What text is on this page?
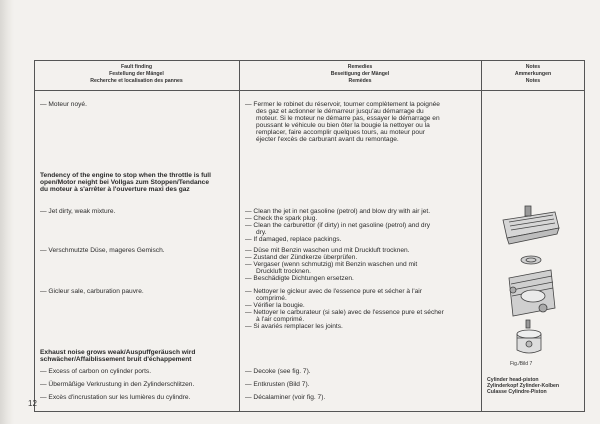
Fault finding
Festellung der Mängel
Recherche et localisation des pannes
Remedies
Beseitigung der Mängel
Remèdes
Notes
Ammerkungen
Notes
— Moteur noyé.	— Fermer le robinet du réservoir, tourner complètement la poignée
des gaz et actionner le démarreur jusqu'au démarrage du
moteur. Si le moteur ne démarre pas, essayer le démarrage en
poussant le véhicule ou bien ôter la bougie la nettoyer ou la
remplacer, faire accomplir quelques tours, au moteur pour
éjecter l'excès de carburant avant du remontage.
Tendency of the engine to stop when the throttle is full
open/Motor neight bei Vollgas zum Stoppen/Tendance
du moteur à s'arrêter à l'ouverture maxi des gaz
— Jet dirty, weak mixture.	— Clean the jet in net gasoline (petrol) and blow dry with air jet.
— Check the spark plug.
— Clean the carburettor (if dirty) in net gasoline (petrol) and dry
dry.
— If damaged, replace packings.
— Verschmutzte Düse, mageres Gemisch.	— Düse mit Benzin waschen und mit Druckluft trocknen.
— Zustand der Zündkerze überprüfen.
— Vergaser (wenn schmutzig) mit Benzin waschen und mit
Druckluft trocknen.
— Beschädigte Dichtungen ersetzen.
— Gicleur sale, carburation pauvre.	— Nettoyer le gicleur avec de l'essence pure et sécher à l'air
comprimé.
— Vérifier la bougie.
— Nettoyer le carburateur (si sale) avec de l'essence pure et sécher
à l'air comprimé.
— Si avariés remplacer les joints.
Exhaust noise grows weak/Auspuffgeräusch wird
schwächer/Affaiblissement bruit d'échappement
— Excess of carbon on cylinder ports.	— Decoke (see fig. 7).
— Übermäßige Verkrustung in den Zylinderschlitzen.	— Entkrusten (Bild 7).
— Excès d'incrustation sur les lumières du cylindre.	— Décalaminer (voir fig. 7).
Fig./Bild 7
Cylinder head-piston
Zylinderkopf Zylinder-Kolben
Culasse Cylindre-Piston
12
